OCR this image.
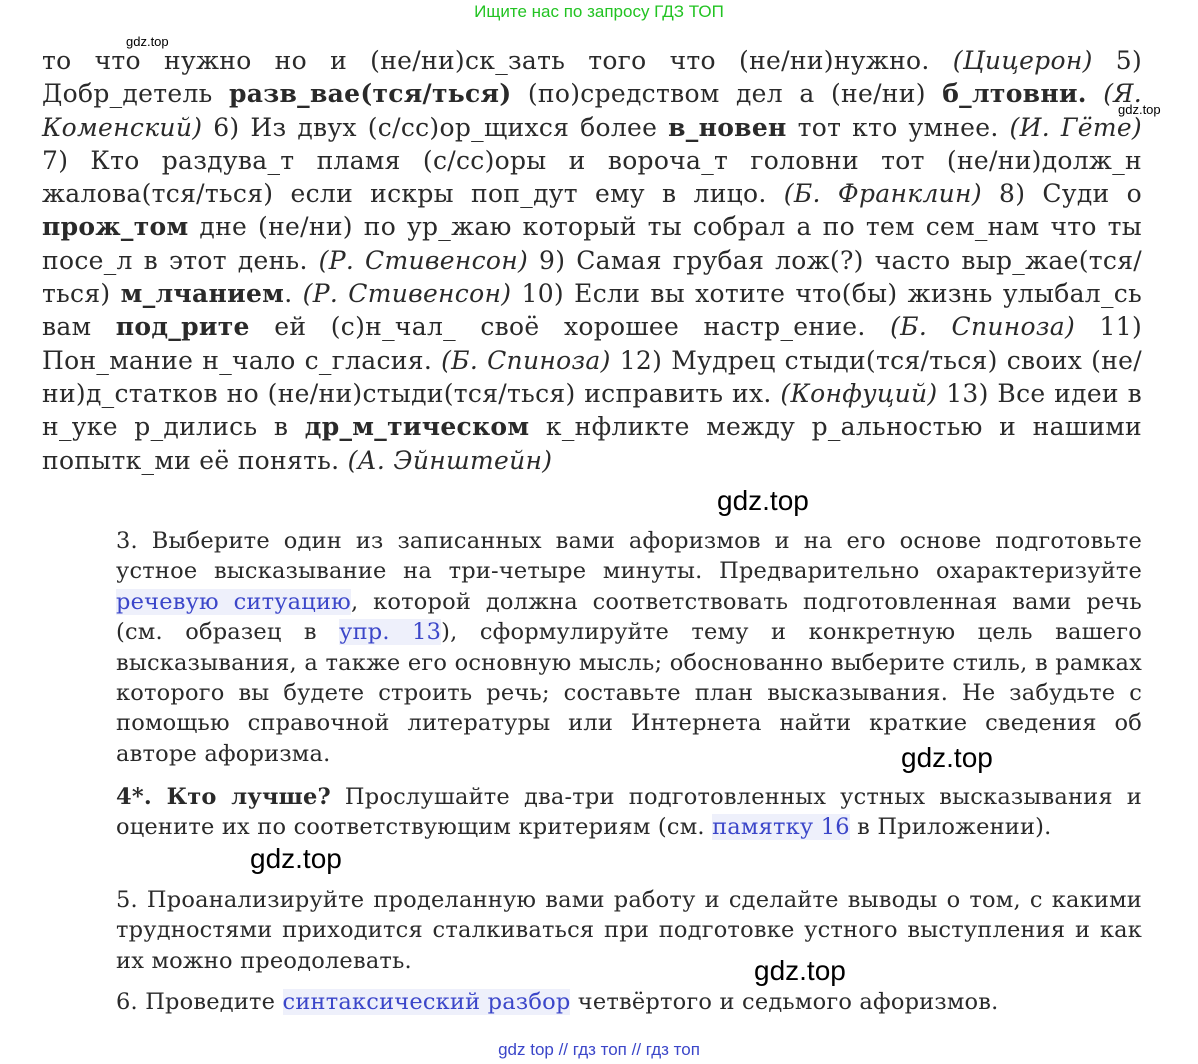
Ищите нас по запросу ГДЗ ТОП
gdz.top
gdz.top

то что нужно но и (не/ни)ск_зать того что (не/ни)нужно. (Цицерон) 5) Добр_детель разв_вае(тся/ться) (по)средством дел а (не/ни) б_лтовни. (Я. Коменский) 6) Из двух (с/сс)ор_щихся более в_новен тот кто умнее. (И. Гёте) 7) Кто раздува_т пламя (с/сс)оры и вороча_т головни тот (не/ни)долж_н жалова(тся/ться) если искры поп_дут ему в лицо. (Б. Франклин) 8) Суди о прож_том дне (не/ни) по ур_жаю который ты собрал а по тем сем_нам что ты посе_л в этот день. (Р. Стивенсон) 9) Самая грубая лож(?) часто выр_жае(тся/ться) м_лчанием. (Р. Стивенсон) 10) Если вы хотите что(бы) жизнь улыбал_сь вам под_рите ей (с)н_чал_ своё хорошее настр_ение. (Б. Спиноза) 11) Пон_мание н_чало с_гласия. (Б. Спиноза) 12) Мудрец стыди(тся/ться) своих (не/ни)д_статков но (не/ни)стыди(тся/ться) исправить их. (Конфуций) 13) Все идеи в н_уке р_дились в др_м_тическом к_нфликте между р_альностью и нашими попытк_ми её понять. (А. Эйнштейн)

gdz.top

3. Выберите один из записанных вами афоризмов и на его основе подготовьте устное высказывание на три-четыре минуты. Предварительно охарактеризуйте речевую ситуацию, которой должна соответствовать подготовленная вами речь (см. образец в упр. 13), сформулируйте тему и конкретную цель вашего высказывания, а также его основную мысль; обоснованно выберите стиль, в рамках которого вы будете строить речь; составьте план высказывания. Не забудьте с помощью справочной литературы или Интернета найти краткие сведения об авторе афоризма.	gdz.top

4*. Кто лучше? Прослушайте два-три подготовленных устных высказывания и оцените их по соответствующим критериям (см. памятку 16 в Приложении).

gdz.top

5. Проанализируйте проделанную вами работу и сделайте выводы о том, с какими трудностями приходится сталкиваться при подготовке устного выступления и как их можно преодолевать.	gdz.top

6. Проведите синтаксический разбор четвёртого и седьмого афоризмов.

gdz top // гдз топ // гдз топ
